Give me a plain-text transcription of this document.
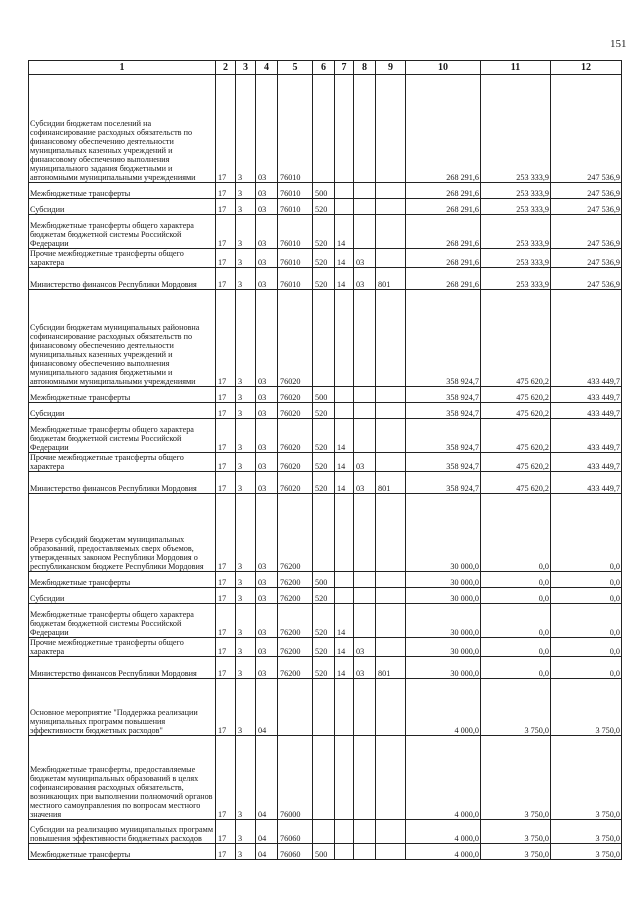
151
1	2	3	4	5	6	7	8	9	10	11	12
Субсидии бюджетам поселений на софинансирование расходных обязательств по финансовому обеспечению деятельности муниципальных казенных учреждений и финансовому обеспечению выполнения муниципального задания бюджетными и автономными муниципальными учреждениями	17	3	03	76010					268 291,6	253 333,9	247 536,9
Межбюджетные трансферты	17	3	03	76010	500				268 291,6	253 333,9	247 536,9
Субсидии	17	3	03	76010	520				268 291,6	253 333,9	247 536,9
Межбюджетные трансферты общего характера бюджетам бюджетной системы Российской Федерации	17	3	03	76010	520	14			268 291,6	253 333,9	247 536,9
Прочие межбюджетные трансферты общего характера	17	3	03	76010	520	14	03		268 291,6	253 333,9	247 536,9
Министерство финансов Республики Мордовия	17	3	03	76010	520	14	03	801	268 291,6	253 333,9	247 536,9
Субсидии бюджетам муниципальных районовна софинансирование расходных обязательств по финансовому обеспечению деятельности муниципальных казенных учреждений и финансовому обеспечению выполнения муниципального задания бюджетными и автономными муниципальными учреждениями	17	3	03	76020					358 924,7	475 620,2	433 449,7
Межбюджетные трансферты	17	3	03	76020	500				358 924,7	475 620,2	433 449,7
Субсидии	17	3	03	76020	520				358 924,7	475 620,2	433 449,7
Межбюджетные трансферты общего характера бюджетам бюджетной системы Российской Федерации	17	3	03	76020	520	14			358 924,7	475 620,2	433 449,7
Прочие межбюджетные трансферты общего характера	17	3	03	76020	520	14	03		358 924,7	475 620,2	433 449,7
Министерство финансов Республики Мордовия	17	3	03	76020	520	14	03	801	358 924,7	475 620,2	433 449,7
Резерв субсидий бюджетам муниципальных образований, предоставляемых сверх объемов, утвержденных законом Республики Мордовия о республиканском бюджете Республики Мордовия	17	3	03	76200					30 000,0	0,0	0,0
Межбюджетные трансферты	17	3	03	76200	500				30 000,0	0,0	0,0
Субсидии	17	3	03	76200	520				30 000,0	0,0	0,0
Межбюджетные трансферты общего характера бюджетам бюджетной системы Российской Федерации	17	3	03	76200	520	14			30 000,0	0,0	0,0
Прочие межбюджетные трансферты общего характера	17	3	03	76200	520	14	03		30 000,0	0,0	0,0
Министерство финансов Республики Мордовия	17	3	03	76200	520	14	03	801	30 000,0	0,0	0,0
Основное мероприятие "Поддержка реализации муниципальных программ повышения эффективности бюджетных расходов"	17	3	04						4 000,0	3 750,0	3 750,0
Межбюджетные трансферты, предоставляемые бюджетам муниципальных образований в целях софинансирования расходных обязательств, возникающих при выполнении полномочий органов местного самоуправления по вопросам местного значения	17	3	04	76000					4 000,0	3 750,0	3 750,0
Субсидии на реализацию муниципальных программ повышения эффективности бюджетных расходов	17	3	04	76060					4 000,0	3 750,0	3 750,0
Межбюджетные трансферты	17	3	04	76060	500				4 000,0	3 750,0	3 750,0
